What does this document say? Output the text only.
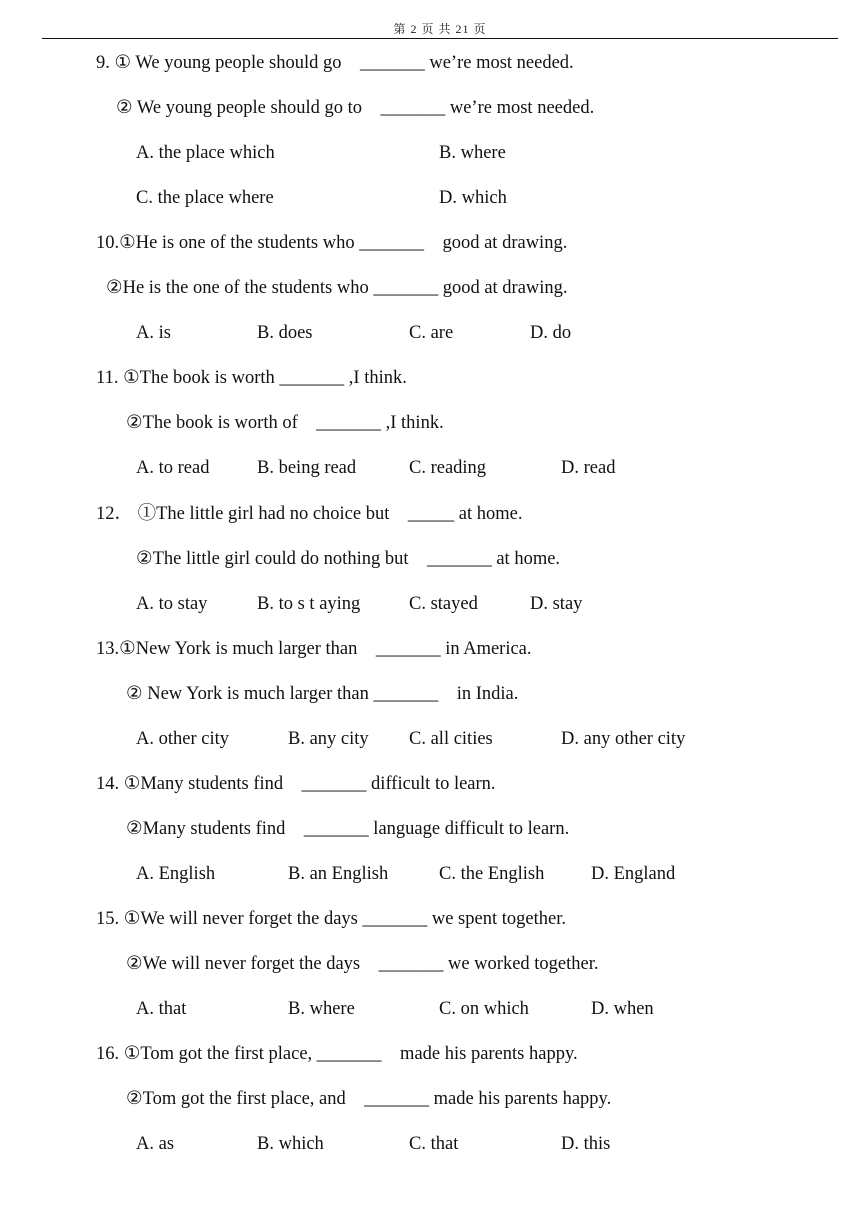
第 2 页 共 21 页
9. ① We young people should go    _______ we’re most needed.
② We young people should go to    _______ we’re most needed.
A. the place which	B. where
C. the place where	D. which
10.①He is one of the students who _______    good at drawing.
②He is the one of the students who _______ good at drawing.
A. is	B. does	C. are	D. do
11. ①The book is worth _______ ,I think.
②The book is worth of    _______ ,I think.
A. to read	B. being read	C. reading	D. read
12． ①The little girl had no choice but    _____ at home.
②The little girl could do nothing but    _______ at home.
A. to stay	B. to s t aying	C. stayed	D. stay
13.①New York is much larger than    _______ in America.
② New York is much larger than _______    in India.
A. other city	B. any city C. all cities	D. any other city
14. ①Many students find    _______ difficult to learn.
②Many students find    _______ language difficult to learn.
A. English	B. an English	C. the English	D. England
15. ①We will never forget the days _______ we spent together.
②We will never forget the days    _______ we worked together.
A. that	B. where	C. on which	D. when
16. ①Tom got the first place, _______    made his parents happy.
②Tom got the first place, and    _______ made his parents happy.
A. as	B. which	C. that	D. this
